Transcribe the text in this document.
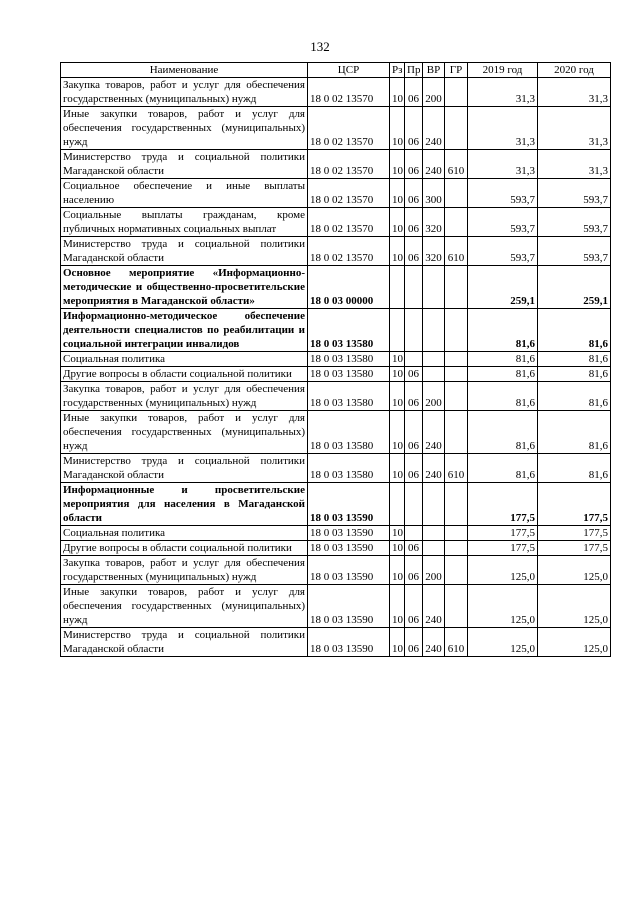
132
Наименование	ЦСР	Рз	Пр	ВР	ГР	2019 год	2020 год
Закупка товаров, работ и услуг для обеспечения государственных (муниципальных) нужд	18 0 02 13570	10	06	200		31,3	31,3
Иные закупки товаров, работ и услуг для обеспечения государственных (муниципальных) нужд	18 0 02 13570	10	06	240		31,3	31,3
Министерство труда и социальной политики Магаданской области	18 0 02 13570	10	06	240	610	31,3	31,3
Социальное обеспечение и иные выплаты населению	18 0 02 13570	10	06	300		593,7	593,7
Социальные выплаты гражданам, кроме публичных нормативных социальных выплат	18 0 02 13570	10	06	320		593,7	593,7
Министерство труда и социальной политики Магаданской области	18 0 02 13570	10	06	320	610	593,7	593,7
Основное мероприятие «Информационно-методические и общественно-просветительские мероприятия в Магаданской области»	18 0 03 00000					259,1	259,1
Информационно-методическое обеспечение деятельности специалистов по реабилитации и социальной интеграции инвалидов	18 0 03 13580					81,6	81,6
Социальная политика	18 0 03 13580	10				81,6	81,6
Другие вопросы в области социальной политики	18 0 03 13580	10	06			81,6	81,6
Закупка товаров, работ и услуг для обеспечения государственных (муниципальных) нужд	18 0 03 13580	10	06	200		81,6	81,6
Иные закупки товаров, работ и услуг для обеспечения государственных (муниципальных) нужд	18 0 03 13580	10	06	240		81,6	81,6
Министерство труда и социальной политики Магаданской области	18 0 03 13580	10	06	240	610	81,6	81,6
Информационные и просветительские мероприятия для населения в Магаданской области	18 0 03 13590					177,5	177,5
Социальная политика	18 0 03 13590	10				177,5	177,5
Другие вопросы в области социальной политики	18 0 03 13590	10	06			177,5	177,5
Закупка товаров, работ и услуг для обеспечения государственных (муниципальных) нужд	18 0 03 13590	10	06	200		125,0	125,0
Иные закупки товаров, работ и услуг для обеспечения государственных (муниципальных) нужд	18 0 03 13590	10	06	240		125,0	125,0
Министерство труда и социальной политики Магаданской области	18 0 03 13590	10	06	240	610	125,0	125,0
